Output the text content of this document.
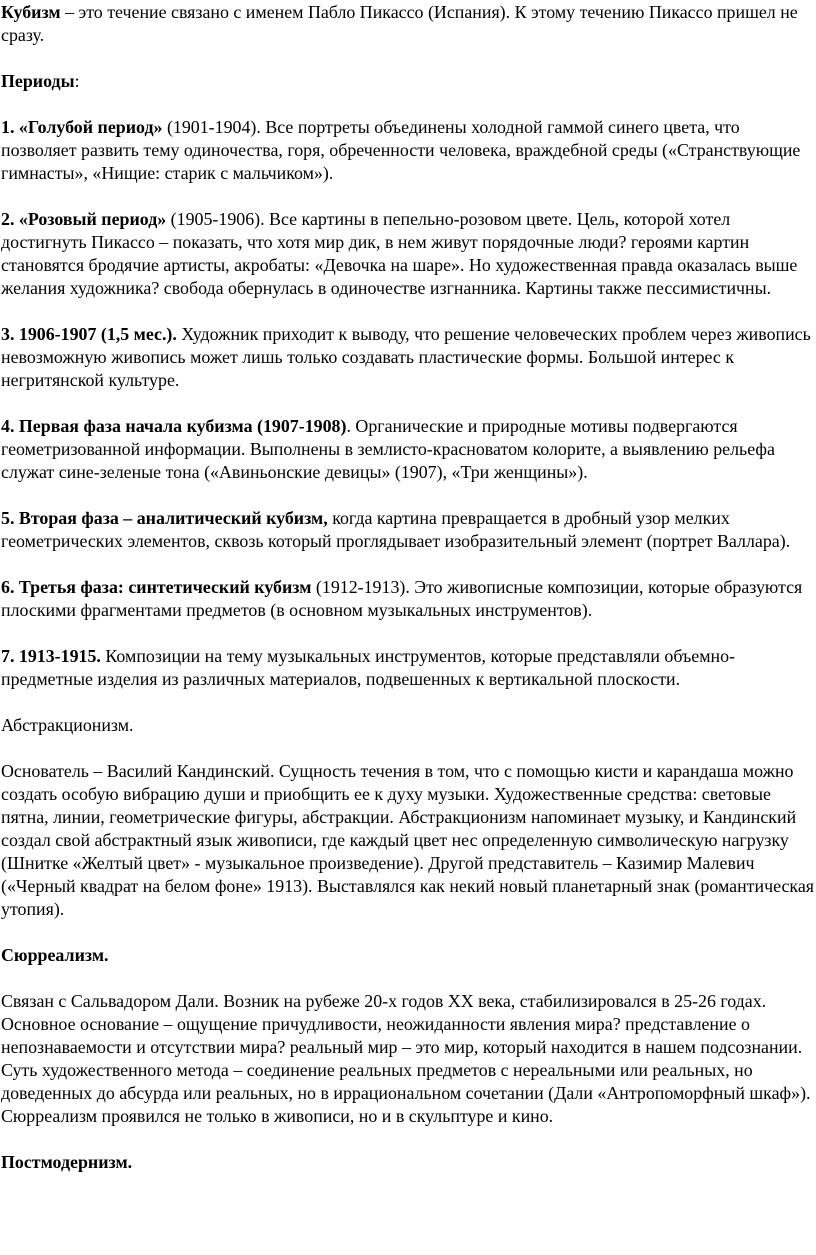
Кубизм – это течение связано с именем Пабло Пикассо (Испания). К этому течению Пикассо пришел не сразу.

Периоды:

1. «Голубой период» (1901-1904). Все портреты объединены холодной гаммой синего цвета, что позволяет развить тему одиночества, горя, обреченности человека, враждебной среды («Странствующие гимнасты», «Нищие: старик с мальчиком»).

2. «Розовый период» (1905-1906). Все картины в пепельно-розовом цвете. Цель, которой хотел достигнуть Пикассо – показать, что хотя мир дик, в нем живут порядочные люди? героями картин становятся бродячие артисты, акробаты: «Девочка на шаре». Но художественная правда оказалась выше желания художника? свобода обернулась в одиночестве изгнанника. Картины также пессимистичны.

3. 1906-1907 (1,5 мес.). Художник приходит к выводу, что решение человеческих проблем через живопись невозможную живопись может лишь только создавать пластические формы. Большой интерес к негритянской культуре.

4. Первая фаза начала кубизма (1907-1908). Органические и природные мотивы подвергаются геометризованной информации. Выполнены в землисто-красноватом колорите, а выявлению рельефа служат сине-зеленые тона («Авиньонские девицы» (1907), «Три женщины»).

5. Вторая фаза – аналитический кубизм, когда картина превращается в дробный узор мелких геометрических элементов, сквозь который проглядывает изобразительный элемент (портрет Валлара).

6. Третья фаза: синтетический кубизм (1912-1913). Это живописные композиции, которые образуются плоскими фрагментами предметов (в основном музыкальных инструментов).

7. 1913-1915. Композиции на тему музыкальных инструментов, которые представляли объемно-предметные изделия из различных материалов, подвешенных к вертикальной плоскости.

Абстракционизм.

Основатель – Василий Кандинский. Сущность течения в том, что с помощью кисти и карандаша можно создать особую вибрацию души и приобщить ее к духу музыки. Художественные средства: световые пятна, линии, геометрические фигуры, абстракции. Абстракционизм напоминает музыку, и Кандинский создал свой абстрактный язык живописи, где каждый цвет нес определенную символическую нагрузку (Шнитке «Желтый цвет» - музыкальное произведение). Другой представитель – Казимир Малевич («Черный квадрат на белом фоне» 1913). Выставлялся как некий новый планетарный знак (романтическая утопия).

Сюрреализм.

Связан с Сальвадором Дали. Возник на рубеже 20-х годов XX века, стабилизировался в 25-26 годах. Основное основание – ощущение причудливости, неожиданности явления мира? представление о непознаваемости и отсутствии мира? реальный мир – это мир, который находится в нашем подсознании. Суть художественного метода – соединение реальных предметов с нереальными или реальных, но доведенных до абсурда или реальных, но в иррациональном сочетании (Дали «Антропоморфный шкаф»). Сюрреализм проявился не только в живописи, но и в скульптуре и кино.

Постмодернизм.
